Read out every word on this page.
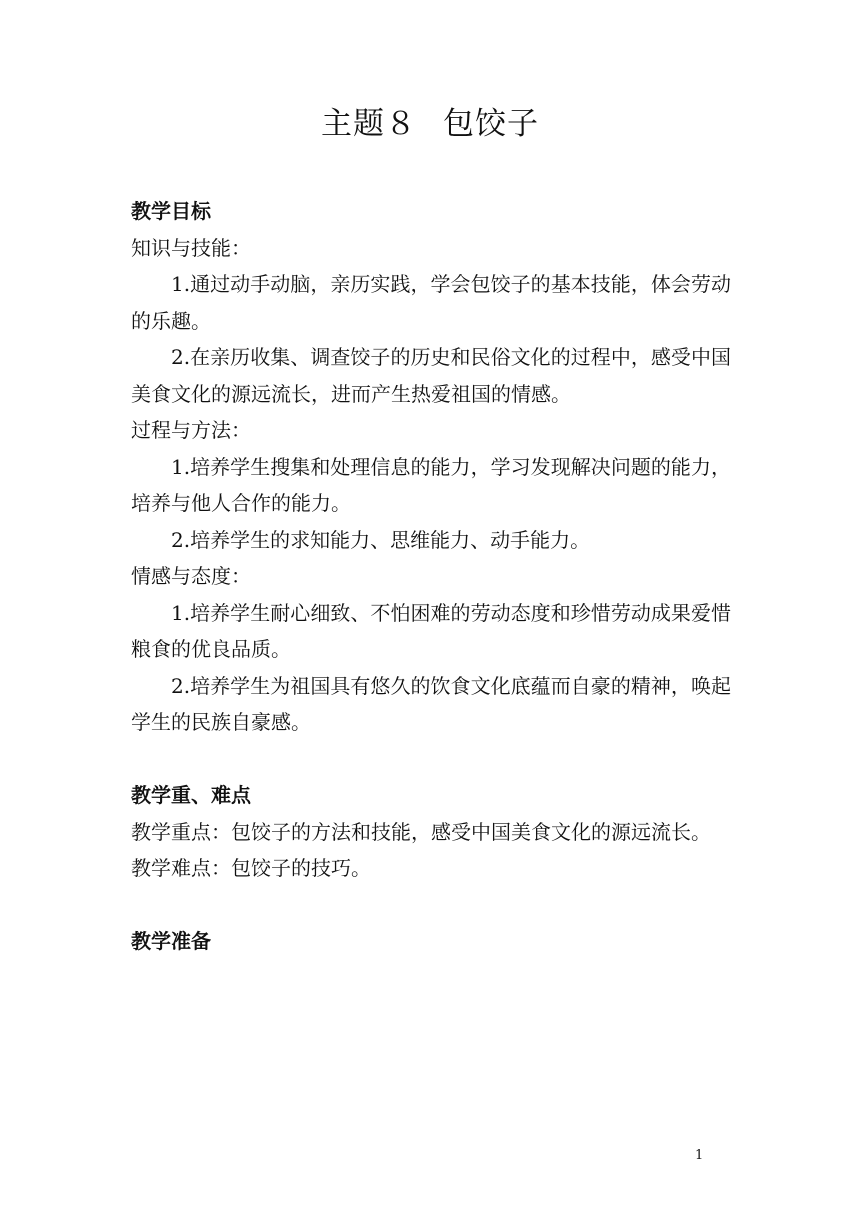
主题８ 包饺子

教学目标

知识与技能：

1.通过动手动脑，亲历实践，学会包饺子的基本技能，体会劳动的乐趣。

2.在亲历收集、调查饺子的历史和民俗文化的过程中，感受中国美食文化的源远流长，进而产生热爱祖国的情感。

过程与方法：

1.培养学生搜集和处理信息的能力，学习发现解决问题的能力，培养与他人合作的能力。

2.培养学生的求知能力、思维能力、动手能力。

情感与态度：

1.培养学生耐心细致、不怕困难的劳动态度和珍惜劳动成果爱惜粮食的优良品质。

2.培养学生为祖国具有悠久的饮食文化底蕴而自豪的精神，唤起学生的民族自豪感。

教学重、难点

教学重点：包饺子的方法和技能，感受中国美食文化的源远流长。

教学难点：包饺子的技巧。

教学准备

1
